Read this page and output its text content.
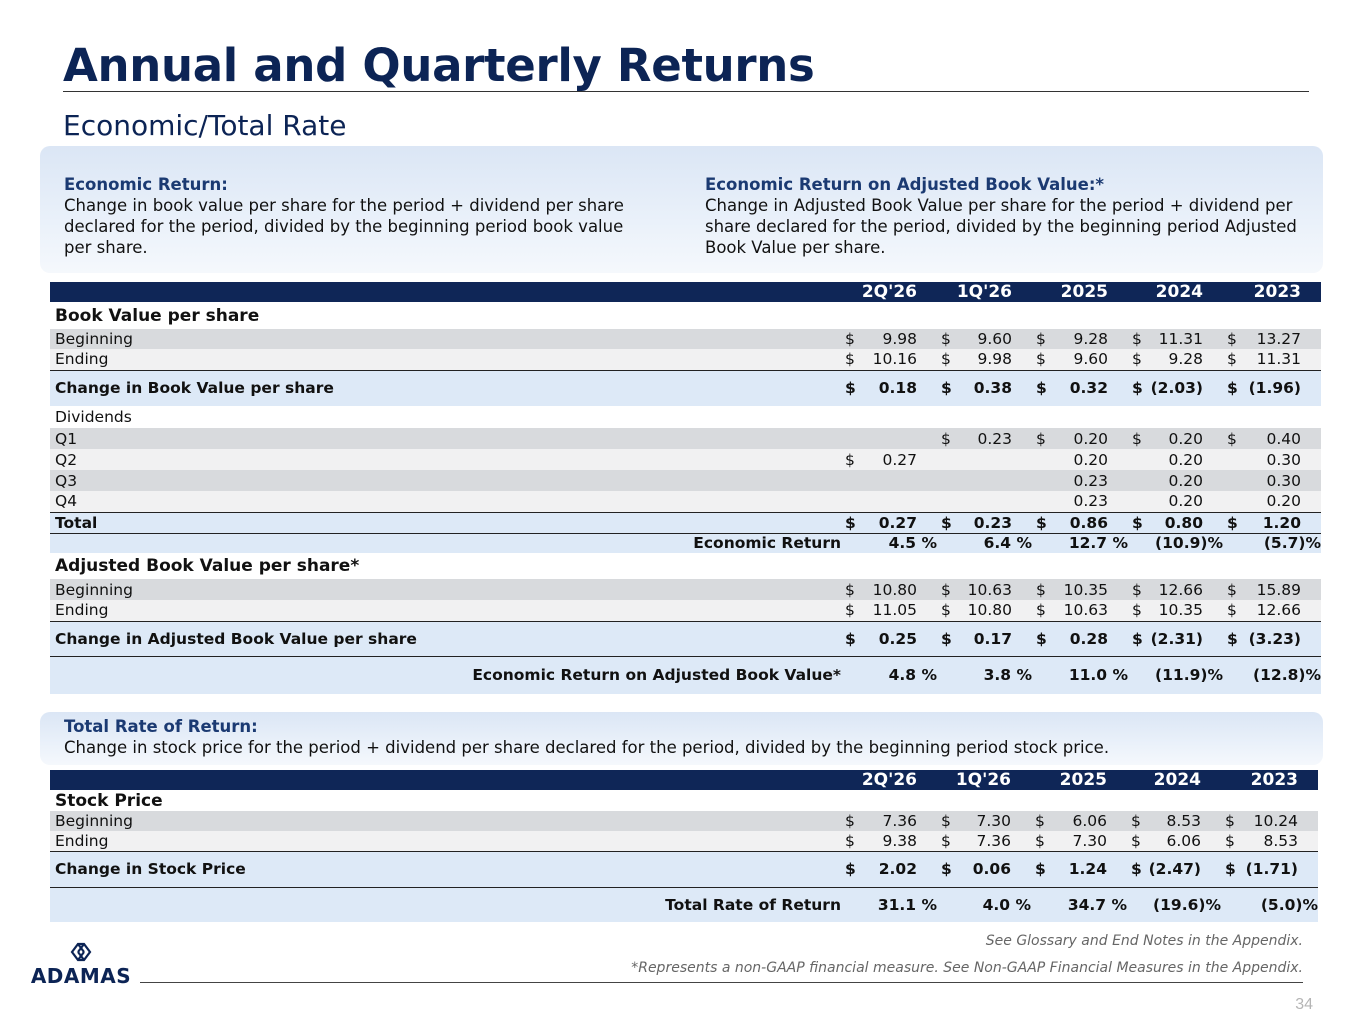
Annual and Quarterly Returns
Economic/Total Rate
Economic Return:
Change in book value per share for the period + dividend per share declared for the period, divided by the beginning period book value per share.
Economic Return on Adjusted Book Value:*
Change in Adjusted Book Value per share for the period + dividend per share declared for the period, divided by the beginning period Adjusted Book Value per share.
	2Q'26	1Q'26	2025	2024	2023
Book Value per share					
Beginning	$ 9.98	$ 9.60	$ 9.28	$ 11.31	$ 13.27

Ending	$ 10.16	$ 9.98	$ 9.60	$ 9.28	$ 11.31

Change in Book Value per share	$ 0.18	$ 0.38	$ 0.32	$ (2.03)	$ (1.96)

Dividends					
Q1		$ 0.23	$ 0.20	$ 0.20	$ 0.40

Q2	$ 0.27		0.20	0.20	0.30

Q3			0.23	0.20	0.30

Q4			0.23	0.20	0.20

Total	$ 0.27	$ 0.23	$ 0.86	$ 0.80	$ 1.20

Economic Return	4.5 %	6.4 %	12.7 %	(10.9)%	(5.7)%
Adjusted Book Value per share*					
Beginning	$ 10.80	$ 10.63	$ 10.35	$ 12.66	$ 15.89

Ending	$ 11.05	$ 10.80	$ 10.63	$ 10.35	$ 12.66

Change in Adjusted Book Value per share	$ 0.25	$ 0.17	$ 0.28	$ (2.31)	$ (3.23)

Economic Return on Adjusted Book Value*	4.8 %	3.8 %	11.0 %	(11.9)%	(12.8)%
Total Rate of Return:
Change in stock price for the period + dividend per share declared for the period, divided by the beginning period stock price.
	2Q'26	1Q'26	2025	2024	2023
Stock Price					
Beginning	$ 7.36	$ 7.30	$ 6.06	$ 8.53	$ 10.24

Ending	$ 9.38	$ 7.36	$ 7.30	$ 6.06	$ 8.53

Change in Stock Price	$ 2.02	$ 0.06	$ 1.24	$ (2.47)	$ (1.71)

Total Rate of Return	31.1 %	4.0 %	34.7 %	(19.6)%	(5.0)%
ADAMAS
See Glossary and End Notes in the Appendix.
*Represents a non-GAAP financial measure. See Non-GAAP Financial Measures in the Appendix.
34
